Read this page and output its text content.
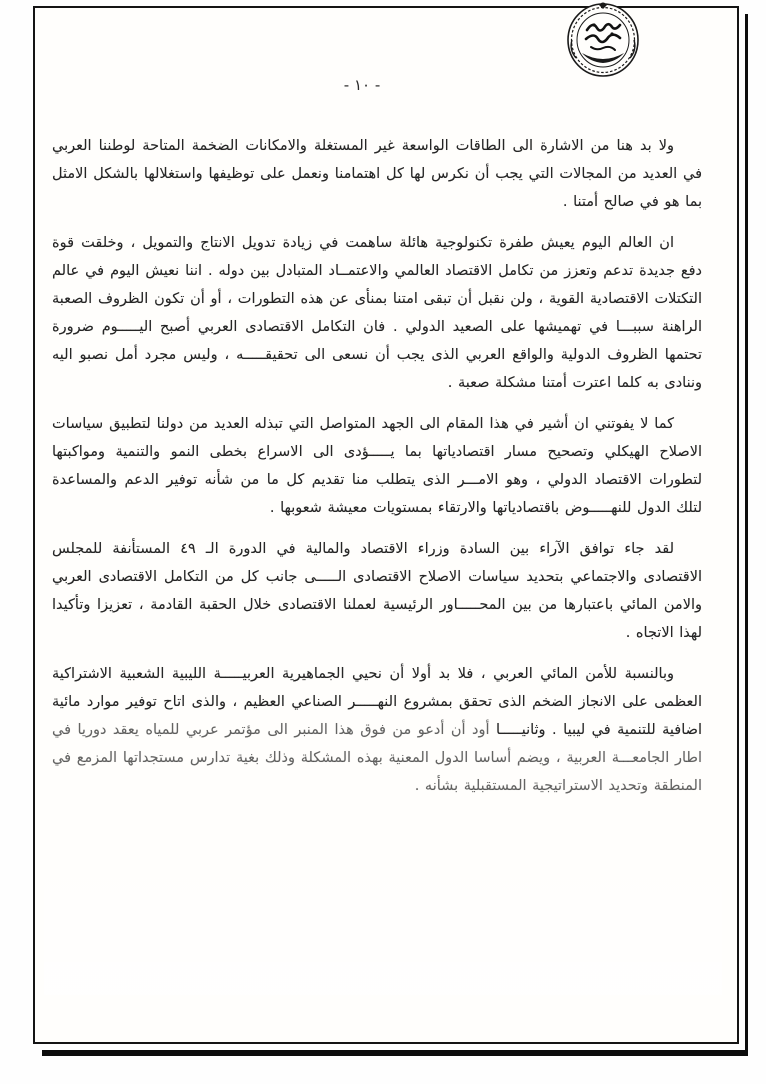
- ١٠ -

ولا بد هنا من الاشارة الى الطاقات الواسعة غير المستغلة والامكانات الضخمة المتاحة لوطننا العربي في العديد من المجالات التي يجب أن نكرس لها كل اهتمامنا ونعمل على توظيفها واستغلالها بالشكل الامثل بما هو في صالح أمتنا .

ان العالم اليوم يعيش طفرة تكنولوجية هائلة ساهمت في زيادة تدويل الانتاج والتمويل ، وخلقت قوة دفع جديدة تدعم وتعزز من تكامل الاقتصاد العالمي والاعتمــاد المتبادل بين دوله . اننا نعيش اليوم في عالم التكتلات الاقتصادية القوية ، ولن نقبل أن تبقى امتنا بمنأى عن هذه التطورات ، أو أن تكون الظروف الصعبة الراهنة سببـــا في تهميشها على الصعيد الدولي . فان التكامل الاقتصادى العربي أصبح اليـــــوم ضرورة تحتمها الظروف الدولية والواقع العربي الذى يجب أن نسعى الى تحقيقـــــه ، وليس مجرد أمل نصبو اليه وننادى به كلما اعترت أمتنا مشكلة صعبة .

كما لا يفوتني ان أشير في هذا المقام الى الجهد المتواصل التي تبذله العديد من دولنا لتطبيق سياسات الاصلاح الهيكلي وتصحيح مسار اقتصادياتها بما يـــــؤدى الى الاسراع بخطى النمو والتنمية ومواكبتها لتطورات الاقتصاد الدولي ، وهو الامـــر الذى يتطلب منا تقديم كل ما من شأنه توفير الدعم والمساعدة لتلك الدول للنهـــــوض باقتصادياتها والارتقاء بمستويات معيشة شعوبها .

لقد جاء توافق الآراء بين السادة وزراء الاقتصاد والمالية في الدورة الـ ٤٩ المستأنفة للمجلس الاقتصادى والاجتماعي بتحديد سياسات الاصلاح الاقتصادى الـــــى جانب كل من التكامل الاقتصادى العربي والامن المائي باعتبارها من بين المحـــــاور الرئيسية لعملنا الاقتصادى خلال الحقبة القادمة ، تعزيزا وتأكيدا لهذا الاتجاه .

وبالنسبة للأمن المائي العربي ، فلا بد أولا أن نحيي الجماهيرية العربيـــــة الليبية الشعبية الاشتراكية العظمى على الانجاز الضخم الذى تحقق بمشروع النهـــــر الصناعي العظيم ، والذى اتاح توفير موارد مائية اضافية للتنمية في ليبيا . وثانيـــــا أود أن أدعو من فوق هذا المنبر الى مؤتمر عربي للمياه يعقد دوريا في اطار الجامعـــة العربية ، ويضم أساسا الدول المعنية بهذه المشكلة وذلك بغية تدارس مستجداتها المزمع في المنطقة وتحديد الاستراتيجية المستقبلية بشأنه .
